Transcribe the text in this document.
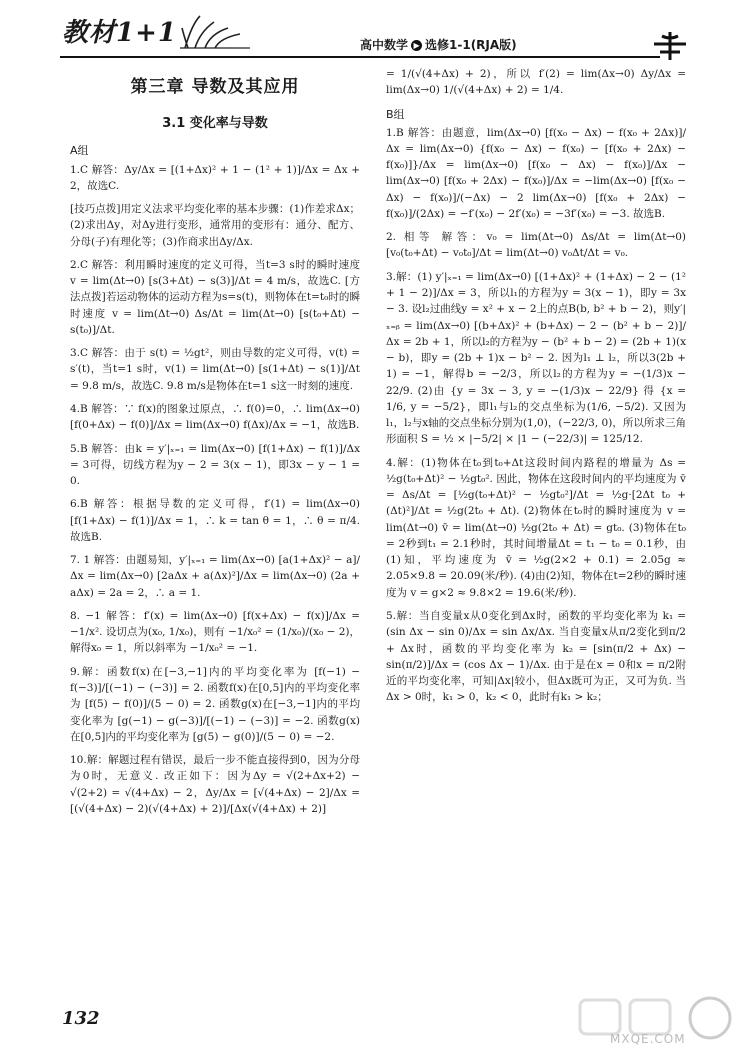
教材1+1	高中数学 ▶ 选修1-1(RJA版)
第三章 导数及其应用
3.1 变化率与导数
A组
1.C 解答：Δy/Δx = [(1+Δx)² + 1 − (1² + 1)]/Δx = Δx + 2，故选C.
[技巧点拨]用定义法求平均变化率的基本步骤：(1)作差求Δx；(2)求出Δy，对Δy进行变形，通常用的变形有：通分、配方、分母(子)有理化等；(3)作商求出Δy/Δx.
2.C 解答：利用瞬时速度的定义可得，当t=3 s时的瞬时速度 v = lim(Δt→0) [s(3+Δt) − s(3)]/Δt = 4 m/s，故选C. [方法点拨]若运动物体的运动方程为s=s(t)，则物体在t=t₀时的瞬时速度 v = lim(Δt→0) Δs/Δt = lim(Δt→0) [s(t₀+Δt) − s(t₀)]/Δt.
3.C 解答：由于 s(t) = ½gt²，则由导数的定义可得，v(t) = s′(t)，当t=1 s时，v(1) = lim(Δt→0) [s(1+Δt) − s(1)]/Δt = 9.8 m/s，故选C. 9.8 m/s是物体在t=1 s这一时刻的速度.
4.B 解答：∵ f(x)的图象过原点，∴ f(0)=0，∴ lim(Δx→0) [f(0+Δx) − f(0)]/Δx = lim(Δx→0) f(Δx)/Δx = −1，故选B.
5.B 解答：由k = y′|ₓ₌₁ = lim(Δx→0) [f(1+Δx) − f(1)]/Δx = 3可得，切线方程为y − 2 = 3(x − 1)，即3x − y − 1 = 0.
6.B 解答：根据导数的定义可得，f′(1) = lim(Δx→0) [f(1+Δx) − f(1)]/Δx = 1，∴ k = tan θ = 1，∴ θ = π/4. 故选B.
7. 1 解答：由题易知，y′|ₓ₌₁ = lim(Δx→0) [a(1+Δx)² − a]/Δx = lim(Δx→0) [2aΔx + a(Δx)²]/Δx = lim(Δx→0) (2a + aΔx) = 2a = 2，∴ a = 1.
8. −1 解答：f′(x) = lim(Δx→0) [f(x+Δx) − f(x)]/Δx = −1/x². 设切点为(x₀, 1/x₀)，则有 −1/x₀² = (1/x₀)/(x₀ − 2)，解得x₀ = 1，所以斜率为 −1/x₀² = −1.
9.解：函数f(x)在[−3,−1]内的平均变化率为 [f(−1) − f(−3)]/[(−1) − (−3)] = 2. 函数f(x)在[0,5]内的平均变化率为 [f(5) − f(0)]/(5 − 0) = 2. 函数g(x)在[−3,−1]内的平均变化率为 [g(−1) − g(−3)]/[(−1) − (−3)] = −2. 函数g(x)在[0,5]内的平均变化率为 [g(5) − g(0)]/(5 − 0) = −2.
10.解：解题过程有错误，最后一步不能直接得到0，因为分母为0时，无意义. 改正如下：因为Δy = √(2+Δx+2) − √(2+2) = √(4+Δx) − 2，Δy/Δx = [√(4+Δx) − 2]/Δx = [(√(4+Δx) − 2)(√(4+Δx) + 2)]/[Δx(√(4+Δx) + 2)]
= 1/(√(4+Δx) + 2)，所以 f′(2) = lim(Δx→0) Δy/Δx = lim(Δx→0) 1/(√(4+Δx) + 2) = 1/4.
B组
1.B 解答：由题意，lim(Δx→0) [f(x₀ − Δx) − f(x₀ + 2Δx)]/Δx = lim(Δx→0) {f(x₀ − Δx) − f(x₀) − [f(x₀ + 2Δx) − f(x₀)]}/Δx = lim(Δx→0) [f(x₀ − Δx) − f(x₀)]/Δx − lim(Δx→0) [f(x₀ + 2Δx) − f(x₀)]/Δx = −lim(Δx→0) [f(x₀ − Δx) − f(x₀)]/(−Δx) − 2 lim(Δx→0) [f(x₀ + 2Δx) − f(x₀)]/(2Δx) = −f′(x₀) − 2f′(x₀) = −3f′(x₀) = −3. 故选B.
2. 相等 解答：v₀ = lim(Δt→0) Δs/Δt = lim(Δt→0) [v₀(t₀+Δt) − v₀t₀]/Δt = lim(Δt→0) v₀Δt/Δt = v₀.
3.解：(1) y′|ₓ₌₁ = lim(Δx→0) [(1+Δx)² + (1+Δx) − 2 − (1² + 1 − 2)]/Δx = 3，所以l₁的方程为y = 3(x − 1)，即y = 3x − 3. 设l₂过曲线y = x² + x − 2上的点B(b, b² + b − 2)，则y′|ₓ₌ᵦ = lim(Δx→0) [(b+Δx)² + (b+Δx) − 2 − (b² + b − 2)]/Δx = 2b + 1，所以l₂的方程为y − (b² + b − 2) = (2b + 1)(x − b)，即y = (2b + 1)x − b² − 2. 因为l₁ ⊥ l₂，所以3(2b + 1) = −1，解得b = −2/3，所以l₂的方程为y = −(1/3)x − 22/9. (2)由 {y = 3x − 3, y = −(1/3)x − 22/9} 得 {x = 1/6, y = −5/2}，即l₁与l₂的交点坐标为(1/6, −5/2). 又因为l₁，l₂与x轴的交点坐标分别为(1,0)，(−22/3, 0)，所以所求三角形面积 S = ½ × |−5/2| × |1 − (−22/3)| = 125/12.
4.解：(1)物体在t₀到t₀+Δt这段时间内路程的增量为 Δs = ½g(t₀+Δt)² − ½gt₀². 因此，物体在这段时间内的平均速度为 v̄ = Δs/Δt = [½g(t₀+Δt)² − ½gt₀²]/Δt = ½g·[2Δt t₀ + (Δt)²]/Δt = ½g(2t₀ + Δt). (2)物体在t₀时的瞬时速度为 v = lim(Δt→0) v̄ = lim(Δt→0) ½g(2t₀ + Δt) = gt₀. (3)物体在t₀ = 2秒到t₁ = 2.1秒时，其时间增量Δt = t₁ − t₀ = 0.1秒，由(1)知，平均速度为 v̄ = ½g(2×2 + 0.1) = 2.05g ≈ 2.05×9.8 = 20.09(米/秒). (4)由(2)知，物体在t=2秒的瞬时速度为 v = g×2 ≈ 9.8×2 = 19.6(米/秒).
5.解：当自变量x从0变化到Δx时，函数的平均变化率为 k₁ = (sin Δx − sin 0)/Δx = sin Δx/Δx. 当自变量x从π/2变化到π/2 + Δx时，函数的平均变化率为 k₂ = [sin(π/2 + Δx) − sin(π/2)]/Δx = (cos Δx − 1)/Δx. 由于是在x = 0和x = π/2附近的平均变化率，可知|Δx|较小，但Δx既可为正，又可为负. 当Δx > 0时，k₁ > 0，k₂ < 0，此时有k₁ > k₂；
132
MXQE.COM
